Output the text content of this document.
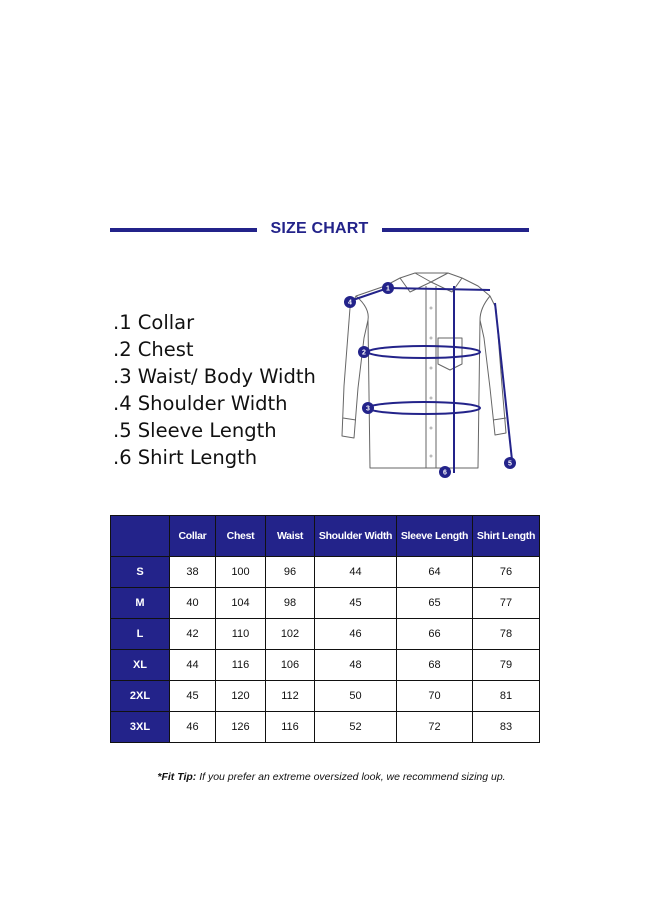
SIZE CHART
.1 Collar
.2 Chest
.3 Waist/ Body Width
.4 Shoulder Width
.5 Sleeve Length
.6 Shirt Length
1
2
3
4
5
6
	Collar	Chest	Waist	Shoulder Width	Sleeve Length	Shirt Length
S	38	100	96	44	64	76
M	40	104	98	45	65	77
L	42	110	102	46	66	78
XL	44	116	106	48	68	79
2XL	45	120	112	50	70	81
3XL	46	126	116	52	72	83
*Fit Tip: If you prefer an extreme oversized look, we recommend sizing up.
